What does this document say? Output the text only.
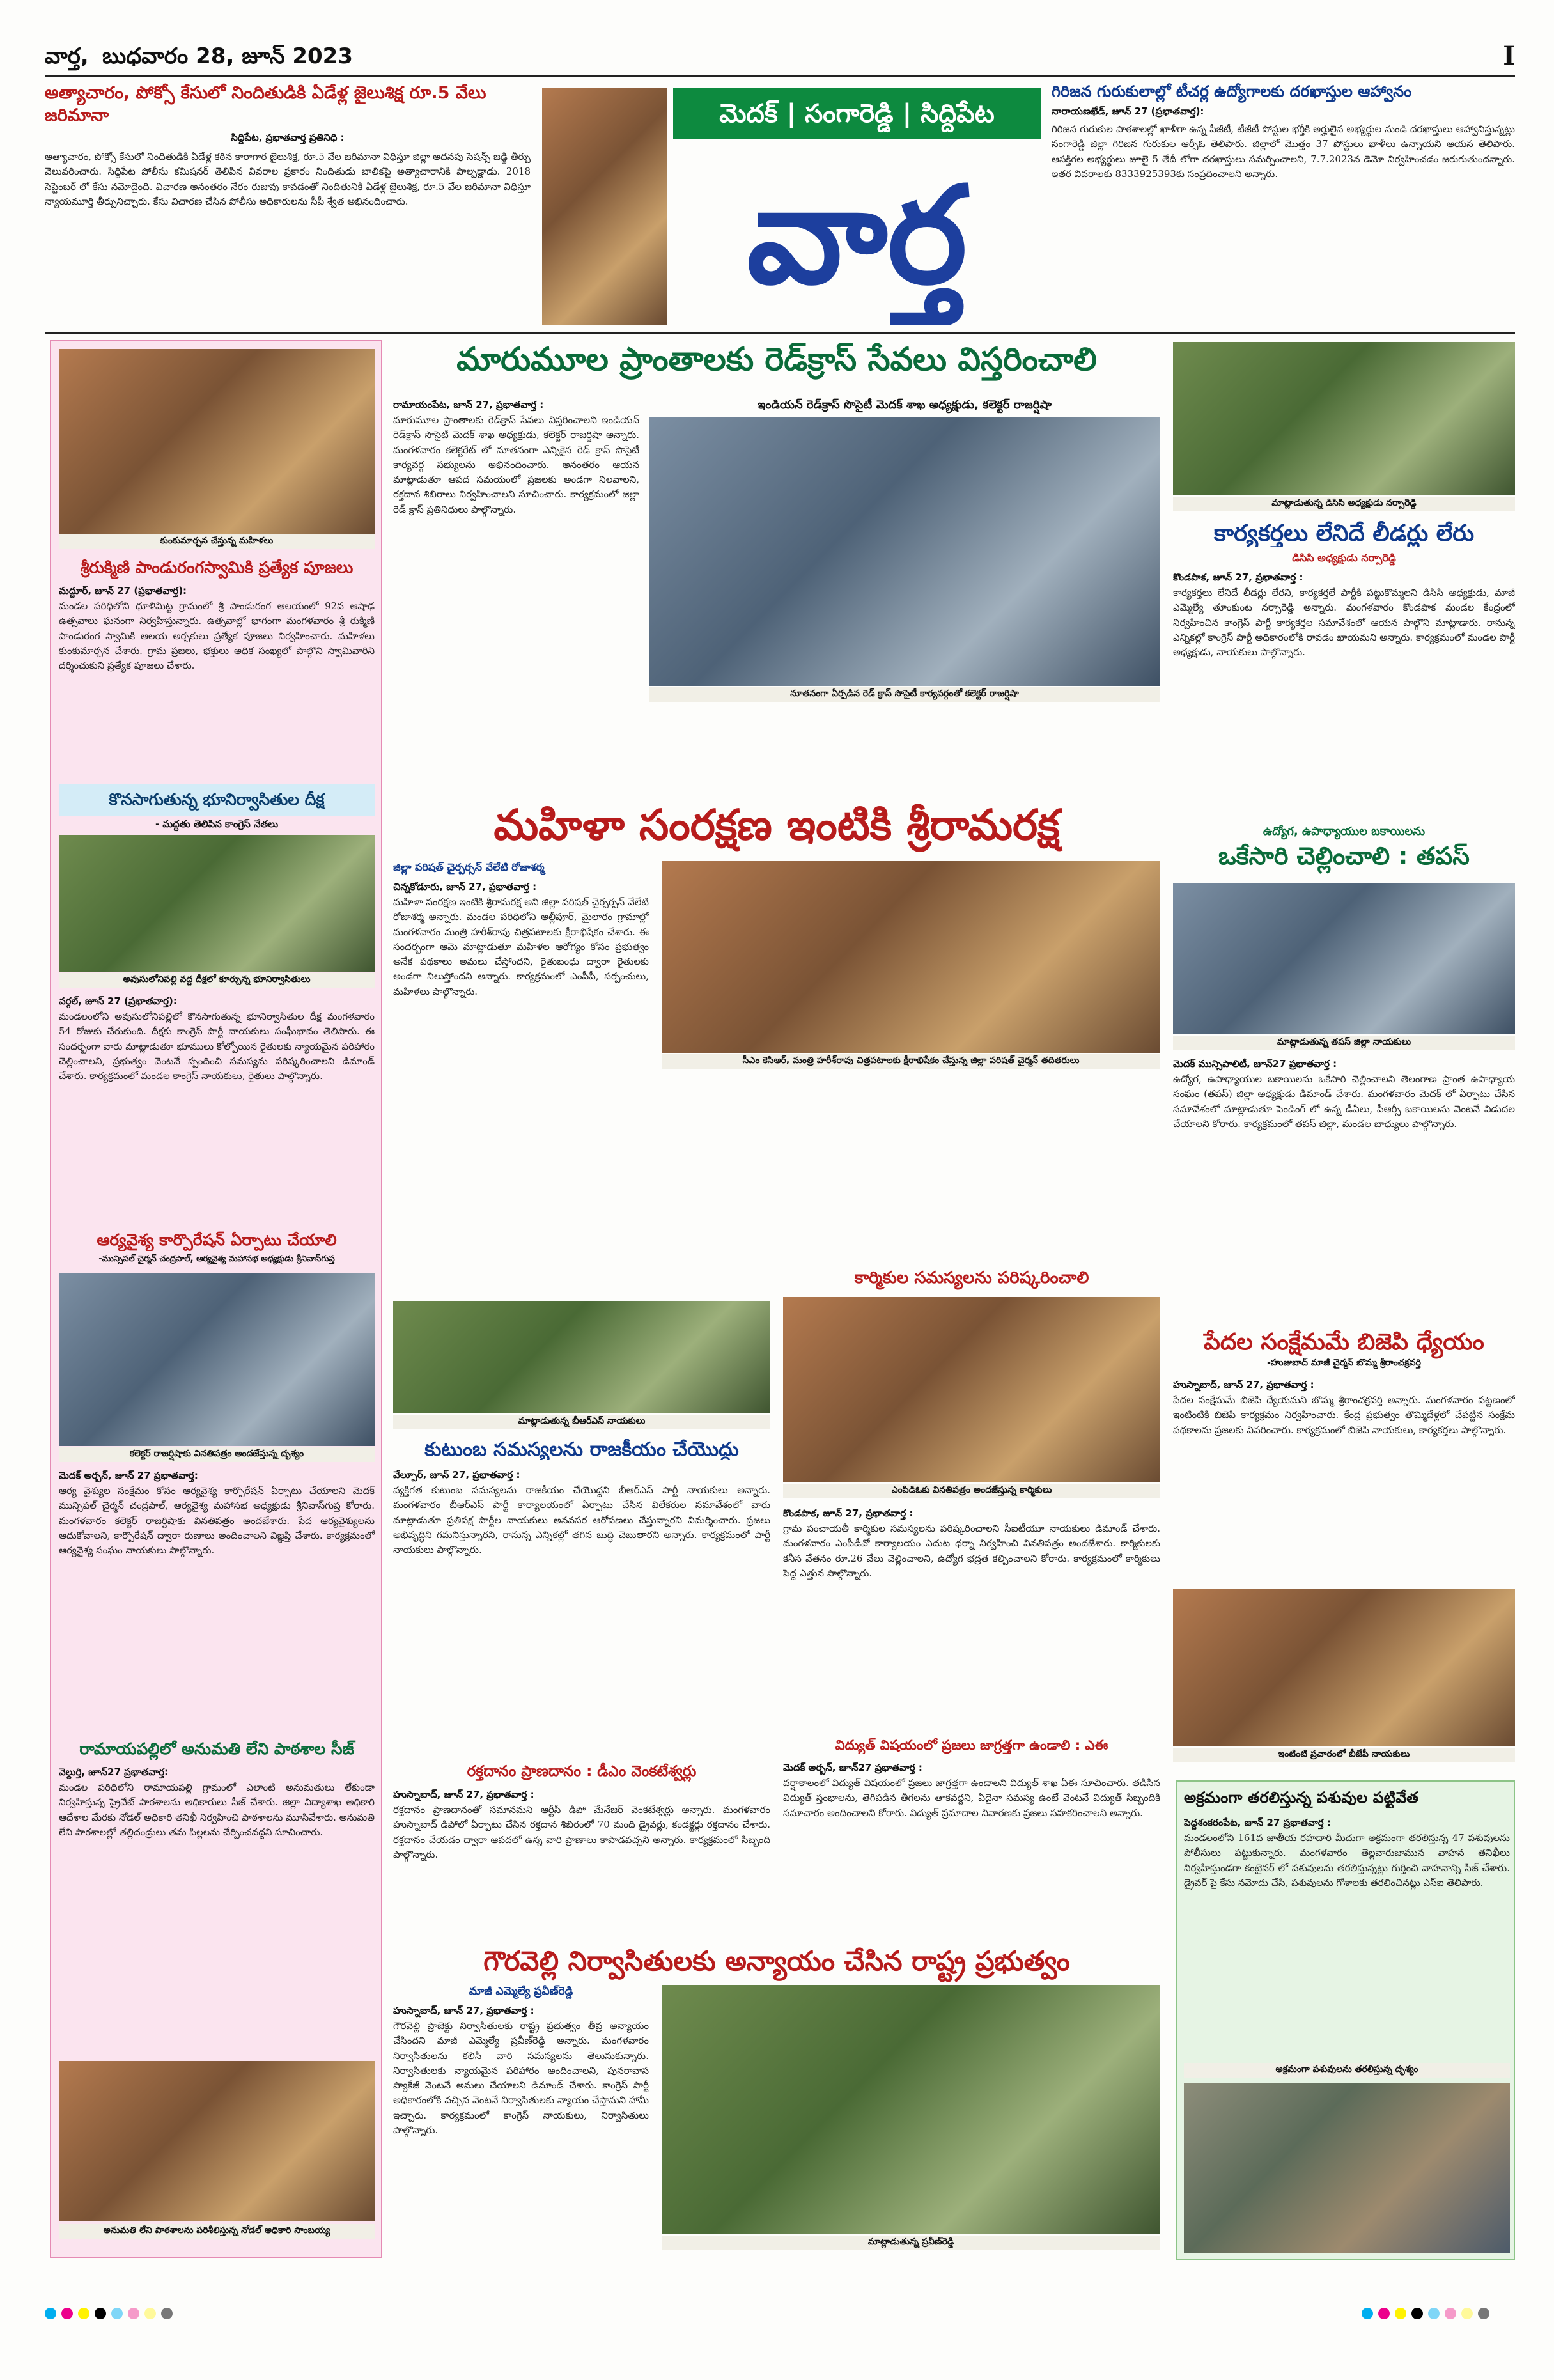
వార్త, బుధవారం 28, జూన్ 2023	I
అత్యాచారం, పోక్సో కేసులో నిందితుడికి ఏడేళ్ల జైలుశిక్ష రూ.5 వేలు జరిమానా
సిద్దిపేట, ప్రభాతవార్త ప్రతినిధి :
అత్యాచారం, పోక్సో కేసులో నిందితుడికి ఏడేళ్ల కఠిన కారాగార జైలుశిక్ష, రూ.5 వేల జరిమానా విధిస్తూ జిల్లా అదనపు సెషన్స్ జడ్జి తీర్పు వెలువరించారు. సిద్దిపేట పోలీసు కమిషనర్ తెలిపిన వివరాల ప్రకారం నిందితుడు బాలికపై అత్యాచారానికి పాల్పడ్డాడు. 2018 సెప్టెంబర్ లో కేసు నమోదైంది. విచారణ అనంతరం నేరం రుజువు కావడంతో నిందితునికి ఏడేళ్ల జైలుశిక్ష, రూ.5 వేల జరిమానా విధిస్తూ న్యాయమూర్తి తీర్పునిచ్చారు. కేసు విచారణ చేసిన పోలీసు అధికారులను సీపీ శ్వేత అభినందించారు.
మెదక్ | సంగారెడ్డి | సిద్దిపేట
వార్త
గిరిజన గురుకులాల్లో టీచర్ల ఉద్యోగాలకు దరఖాస్తుల ఆహ్వానం
నారాయణఖేడ్, జూన్ 27 (ప్రభాతవార్త):
గిరిజన గురుకుల పాఠశాలల్లో ఖాళీగా ఉన్న పీజీటీ, టీజీటీ పోస్టుల భర్తీకి అర్హులైన అభ్యర్థుల నుండి దరఖాస్తులు ఆహ్వానిస్తున్నట్లు సంగారెడ్డి జిల్లా గిరిజన గురుకుల ఆర్సీఓ తెలిపారు. జిల్లాలో మొత్తం 37 పోస్టులు ఖాళీలు ఉన్నాయని ఆయన తెలిపారు. ఆసక్తిగల అభ్యర్థులు జూలై 5 తేదీ లోగా దరఖాస్తులు సమర్పించాలని, 7.7.2023న డెమో నిర్వహించడం జరుగుతుందన్నారు. ఇతర వివరాలకు 8333925393కు సంప్రదించాలని అన్నారు.
కుంకుమార్చన చేస్తున్న మహిళలు
శ్రీరుక్మిణి పాండురంగస్వామికి ప్రత్యేక పూజలు
మద్దూర్, జూన్ 27 (ప్రభాతవార్త):
మండల పరిధిలోని ధూళిమిట్ట గ్రామంలో శ్రీ పాండురంగ ఆలయంలో 92వ ఆషాఢ ఉత్సవాలు ఘనంగా నిర్వహిస్తున్నారు. ఉత్సవాల్లో భాగంగా మంగళవారం శ్రీ రుక్మిణి పాండురంగ స్వామికి ఆలయ అర్చకులు ప్రత్యేక పూజలు నిర్వహించారు. మహిళలు కుంకుమార్చన చేశారు. గ్రామ ప్రజలు, భక్తులు అధిక సంఖ్యలో పాల్గొని స్వామివారిని దర్శించుకుని ప్రత్యేక పూజలు చేశారు.
కొనసాగుతున్న భూనిర్వాసితుల దీక్ష
- మద్దతు తెలిపిన కాంగ్రెస్ నేతలు
అవుసులోనిపల్లి వద్ద దీక్షలో కూర్చున్న భూనిర్వాసితులు
వర్గల్, జూన్ 27 (ప్రభాతవార్త):
మండలంలోని అవుసులోనిపల్లిలో కొనసాగుతున్న భూనిర్వాసితుల దీక్ష మంగళవారం 54 రోజుకు చేరుకుంది. దీక్షకు కాంగ్రెస్ పార్టీ నాయకులు సంఘీభావం తెలిపారు. ఈ సందర్భంగా వారు మాట్లాడుతూ భూములు కోల్పోయిన రైతులకు న్యాయమైన పరిహారం చెల్లించాలని, ప్రభుత్వం వెంటనే స్పందించి సమస్యను పరిష్కరించాలని డిమాండ్ చేశారు. కార్యక్రమంలో మండల కాంగ్రెస్ నాయకులు, రైతులు పాల్గొన్నారు.
ఆర్యవైశ్య కార్పొరేషన్ ఏర్పాటు చేయాలి
-మున్సిపల్ చైర్మన్ చంద్రపాల్, ఆర్యవైశ్య మహాసభ అధ్యక్షుడు శ్రీనివాస్‌గుప్త
కలెక్టర్ రాజర్షిషాకు వినతిపత్రం అందజేస్తున్న దృశ్యం
మెదక్ అర్బన్, జూన్ 27 ప్రభాతవార్త:
ఆర్య వైశ్యుల సంక్షేమం కోసం ఆర్యవైశ్య కార్పొరేషన్ ఏర్పాటు చేయాలని మెదక్ మున్సిపల్ చైర్మన్ చంద్రపాల్, ఆర్యవైశ్య మహాసభ అధ్యక్షుడు శ్రీనివాస్‌గుప్త కోరారు. మంగళవారం కలెక్టర్ రాజర్షిషాకు వినతిపత్రం అందజేశారు. పేద ఆర్యవైశ్యులను ఆదుకోవాలని, కార్పొరేషన్ ద్వారా రుణాలు అందించాలని విజ్ఞప్తి చేశారు. కార్యక్రమంలో ఆర్యవైశ్య సంఘం నాయకులు పాల్గొన్నారు.
రామాయపల్లిలో అనుమతి లేని పాఠశాల సీజ్
వెల్దుర్తి, జూన్27 ప్రభాతవార్త:
మండల పరిధిలోని రామాయపల్లి గ్రామంలో ఎలాంటి అనుమతులు లేకుండా నిర్వహిస్తున్న ప్రైవేట్ పాఠశాలను అధికారులు సీజ్ చేశారు. జిల్లా విద్యాశాఖ అధికారి ఆదేశాల మేరకు నోడల్ అధికారి తనిఖీ నిర్వహించి పాఠశాలను మూసివేశారు. అనుమతి లేని పాఠశాలల్లో తల్లిదండ్రులు తమ పిల్లలను చేర్పించవద్దని సూచించారు.
అనుమతి లేని పాఠశాలను పరిశీలిస్తున్న నోడల్ అధికారి సాంబయ్య
మారుమూల ప్రాంతాలకు రెడ్‌క్రాస్ సేవలు విస్తరించాలి
ఇండియన్ రెడ్‌క్రాస్ సొసైటీ మెదక్ శాఖ అధ్యక్షుడు, కలెక్టర్ రాజర్షిషా
నూతనంగా ఏర్పడిన రెడ్ క్రాస్ సొసైటీ కార్యవర్గంతో కలెక్టర్ రాజర్షిషా
రామాయంపేట, జూన్ 27, ప్రభాతవార్త :
మారుమూల ప్రాంతాలకు రెడ్‌క్రాస్ సేవలు విస్తరించాలని ఇండియన్ రెడ్‌క్రాస్ సొసైటీ మెదక్ శాఖ అధ్యక్షుడు, కలెక్టర్ రాజర్షిషా అన్నారు. మంగళవారం కలెక్టరేట్ లో నూతనంగా ఎన్నికైన రెడ్ క్రాస్ సొసైటీ కార్యవర్గ సభ్యులను అభినందించారు. అనంతరం ఆయన మాట్లాడుతూ ఆపద సమయంలో ప్రజలకు అండగా నిలవాలని, రక్తదాన శిబిరాలు నిర్వహించాలని సూచించారు. కార్యక్రమంలో జిల్లా రెడ్ క్రాస్ ప్రతినిధులు పాల్గొన్నారు.
మాట్లాడుతున్న డిసిసి అధ్యక్షుడు నర్సారెడ్డి
కార్యకర్తలు లేనిదే లీడర్లు లేరు
డిసిసి అధ్యక్షుడు నర్సారెడ్డి
కొండపాక, జూన్ 27, ప్రభాతవార్త :
కార్యకర్తలు లేనిదే లీడర్లు లేరని, కార్యకర్తలే పార్టీకి పట్టుకొమ్మలని డిసిసి అధ్యక్షుడు, మాజీ ఎమ్మెల్యే తూంకుంట నర్సారెడ్డి అన్నారు. మంగళవారం కొండపాక మండల కేంద్రంలో నిర్వహించిన కాంగ్రెస్ పార్టీ కార్యకర్తల సమావేశంలో ఆయన పాల్గొని మాట్లాడారు. రానున్న ఎన్నికల్లో కాంగ్రెస్ పార్టీ అధికారంలోకి రావడం ఖాయమని అన్నారు. కార్యక్రమంలో మండల పార్టీ అధ్యక్షుడు, నాయకులు పాల్గొన్నారు.
మహిళా సంరక్షణ ఇంటికి శ్రీరామరక్ష
జిల్లా పరిషత్ చైర్పర్సన్ వేలేటి రోజాశర్మ
చిన్నకోడూరు, జూన్ 27, ప్రభాతవార్త :
మహిళా సంరక్షణ ఇంటికి శ్రీరామరక్ష అని జిల్లా పరిషత్ చైర్పర్సన్ వేలేటి రోజాశర్మ అన్నారు. మండల పరిధిలోని అల్లీపూర్, మైలారం గ్రామాల్లో మంగళవారం మంత్రి హరీశ్‌రావు చిత్రపటాలకు క్షీరాభిషేకం చేశారు. ఈ సందర్భంగా ఆమె మాట్లాడుతూ మహిళల ఆరోగ్యం కోసం ప్రభుత్వం అనేక పథకాలు అమలు చేస్తోందని, రైతుబంధు ద్వారా రైతులకు అండగా నిలుస్తోందని అన్నారు. కార్యక్రమంలో ఎంపీపీ, సర్పంచులు, మహిళలు పాల్గొన్నారు.
సీఎం కెసిఆర్, మంత్రి హరీశ్‌రావు చిత్రపటాలకు క్షీరాభిషేకం చేస్తున్న జిల్లా పరిషత్ చైర్మన్ తదితరులు
ఉద్యోగ, ఉపాధ్యాయుల బకాయిలను
ఒకేసారి చెల్లించాలి : తపస్
మాట్లాడుతున్న తపస్ జిల్లా నాయకులు
మెదక్ మున్సిపాలిటీ, జూన్27 ప్రభాతవార్త :
ఉద్యోగ, ఉపాధ్యాయుల బకాయిలను ఒకేసారి చెల్లించాలని తెలంగాణ ప్రాంత ఉపాధ్యాయ సంఘం (తపస్) జిల్లా అధ్యక్షుడు డిమాండ్ చేశారు. మంగళవారం మెదక్ లో ఏర్పాటు చేసిన సమావేశంలో మాట్లాడుతూ పెండింగ్ లో ఉన్న డీఏలు, పీఆర్సీ బకాయిలను వెంటనే విడుదల చేయాలని కోరారు. కార్యక్రమంలో తపస్ జిల్లా, మండల బాధ్యులు పాల్గొన్నారు.
మాట్లాడుతున్న బీఆర్ఎస్ నాయకులు
కుటుంబ సమస్యలను రాజకీయం చేయొద్దు
వేల్పూర్, జూన్ 27, ప్రభాతవార్త :
వ్యక్తిగత కుటుంబ సమస్యలను రాజకీయం చేయొద్దని బీఆర్ఎస్ పార్టీ నాయకులు అన్నారు. మంగళవారం బీఆర్ఎస్ పార్టీ కార్యాలయంలో ఏర్పాటు చేసిన విలేకరుల సమావేశంలో వారు మాట్లాడుతూ ప్రతిపక్ష పార్టీల నాయకులు అనవసర ఆరోపణలు చేస్తున్నారని విమర్శించారు. ప్రజలు అభివృద్ధిని గమనిస్తున్నారని, రానున్న ఎన్నికల్లో తగిన బుద్ధి చెబుతారని అన్నారు. కార్యక్రమంలో పార్టీ నాయకులు పాల్గొన్నారు.
రక్తదానం ప్రాణదానం : డీఎం వెంకటేశ్వర్లు
హుస్నాబాద్, జూన్ 27, ప్రభాతవార్త :
రక్తదానం ప్రాణదానంతో సమానమని ఆర్టీసీ డిపో మేనేజర్ వెంకటేశ్వర్లు అన్నారు. మంగళవారం హుస్నాబాద్ డిపోలో ఏర్పాటు చేసిన రక్తదాన శిబిరంలో 70 మంది డ్రైవర్లు, కండక్టర్లు రక్తదానం చేశారు. రక్తదానం చేయడం ద్వారా ఆపదలో ఉన్న వారి ప్రాణాలు కాపాడవచ్చని అన్నారు. కార్యక్రమంలో సిబ్బంది పాల్గొన్నారు.
కార్మికుల సమస్యలను పరిష్కరించాలి
ఎంపిడిఓకు వినతిపత్రం అందజేస్తున్న కార్మికులు
కొండపాక, జూన్ 27, ప్రభాతవార్త :
గ్రామ పంచాయతీ కార్మికుల సమస్యలను పరిష్కరించాలని సీఐటీయూ నాయకులు డిమాండ్ చేశారు. మంగళవారం ఎంపీడీవో కార్యాలయం ఎదుట ధర్నా నిర్వహించి వినతిపత్రం అందజేశారు. కార్మికులకు కనీస వేతనం రూ.26 వేలు చెల్లించాలని, ఉద్యోగ భద్రత కల్పించాలని కోరారు. కార్యక్రమంలో కార్మికులు పెద్ద ఎత్తున పాల్గొన్నారు.
విద్యుత్ విషయంలో ప్రజలు జాగ్రత్తగా ఉండాలి : ఎఈ
మెదక్ అర్బన్, జూన్27 ప్రభాతవార్త :
వర్షాకాలంలో విద్యుత్ విషయంలో ప్రజలు జాగ్రత్తగా ఉండాలని విద్యుత్ శాఖ ఏఈ సూచించారు. తడిసిన విద్యుత్ స్తంభాలను, తెగిపడిన తీగలను తాకవద్దని, ఏదైనా సమస్య ఉంటే వెంటనే విద్యుత్ సిబ్బందికి సమాచారం అందించాలని కోరారు. విద్యుత్ ప్రమాదాల నివారణకు ప్రజలు సహకరించాలని అన్నారు.
పేదల సంక్షేమమే బిజెపి ధ్యేయం
-హుజుబాద్ మాజీ చైర్మన్ బొమ్మ శ్రీరాంచక్రవర్తి
హుస్నాబాద్, జూన్ 27, ప్రభాతవార్త :
పేదల సంక్షేమమే బిజెపి ధ్యేయమని బొమ్మ శ్రీరాంచక్రవర్తి అన్నారు. మంగళవారం పట్టణంలో ఇంటింటికి బిజెపి కార్యక్రమం నిర్వహించారు. కేంద్ర ప్రభుత్వం తొమ్మిదేళ్లలో చేపట్టిన సంక్షేమ పథకాలను ప్రజలకు వివరించారు. కార్యక్రమంలో బిజెపి నాయకులు, కార్యకర్తలు పాల్గొన్నారు.
ఇంటింటి ప్రచారంలో బీజేపీ నాయకులు
అక్రమంగా తరలిస్తున్న పశువుల పట్టివేత
పెద్దశంకరంపేట, జూన్ 27 ప్రభాతవార్త :
మండలంలోని 161వ జాతీయ రహదారి మీదుగా అక్రమంగా తరలిస్తున్న 47 పశువులను పోలీసులు పట్టుకున్నారు. మంగళవారం తెల్లవారుజామున వాహన తనిఖీలు నిర్వహిస్తుండగా కంటైనర్ లో పశువులను తరలిస్తున్నట్లు గుర్తించి వాహనాన్ని సీజ్ చేశారు. డ్రైవర్ పై కేసు నమోదు చేసి, పశువులను గోశాలకు తరలించినట్లు ఎస్ఐ తెలిపారు.
అక్రమంగా పశువులను తరలిస్తున్న దృశ్యం
గౌరవెల్లి నిర్వాసితులకు అన్యాయం చేసిన రాష్ట్ర ప్రభుత్వం
మాజీ ఎమ్మెల్యే ప్రవీణ్‌రెడ్డి
హుస్నాబాద్, జూన్ 27, ప్రభాతవార్త :
గౌరవెల్లి ప్రాజెక్టు నిర్వాసితులకు రాష్ట్ర ప్రభుత్వం తీవ్ర అన్యాయం చేసిందని మాజీ ఎమ్మెల్యే ప్రవీణ్‌రెడ్డి అన్నారు. మంగళవారం నిర్వాసితులను కలిసి వారి సమస్యలను తెలుసుకున్నారు. నిర్వాసితులకు న్యాయమైన పరిహారం అందించాలని, పునరావాస ప్యాకేజీ వెంటనే అమలు చేయాలని డిమాండ్ చేశారు. కాంగ్రెస్ పార్టీ అధికారంలోకి వచ్చిన వెంటనే నిర్వాసితులకు న్యాయం చేస్తామని హామీ ఇచ్చారు. కార్యక్రమంలో కాంగ్రెస్ నాయకులు, నిర్వాసితులు పాల్గొన్నారు.
మాట్లాడుతున్న ప్రవీణ్‌రెడ్డి
